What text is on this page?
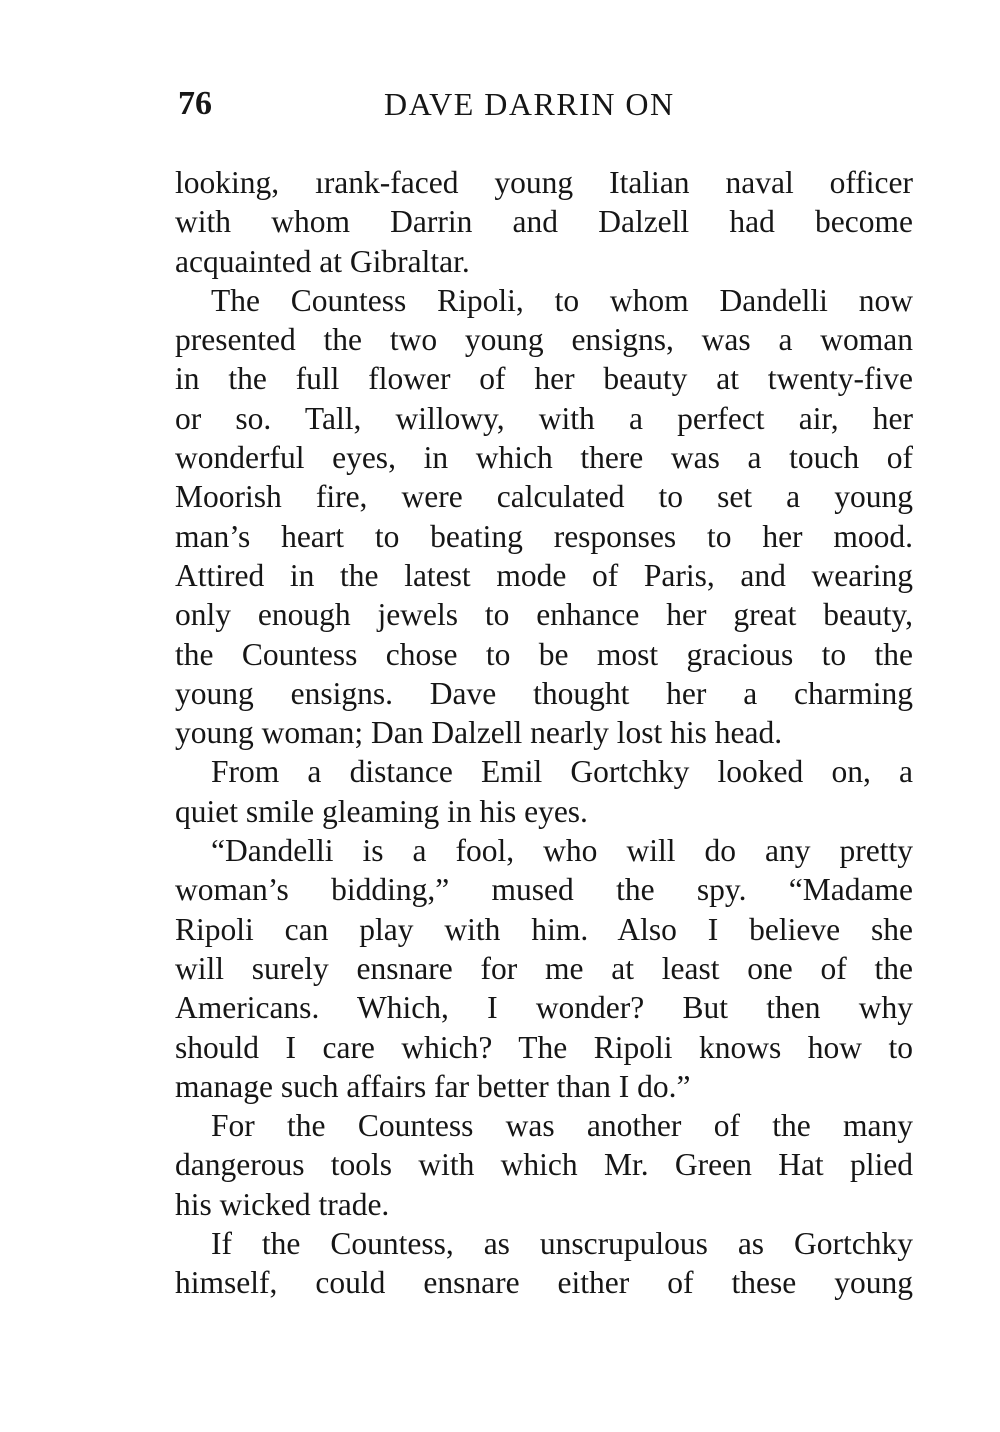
76	DAVE DARRIN ON
looking, ırank-faced young Italian naval officer
with whom Darrin and Dalzell had become
acquainted at Gibraltar.
The Countess Ripoli, to whom Dandelli now
presented the two young ensigns, was a woman
in the full flower of her beauty at twenty-five
or so. Tall, willowy, with a perfect air, her
wonderful eyes, in which there was a touch of
Moorish fire, were calculated to set a young
man’s heart to beating responses to her mood.
Attired in the latest mode of Paris, and wearing
only enough jewels to enhance her great beauty,
the Countess chose to be most gracious to the
young ensigns. Dave thought her a charming
young woman; Dan Dalzell nearly lost his head.
From a distance Emil Gortchky looked on, a
quiet smile gleaming in his eyes.
“Dandelli is a fool, who will do any pretty
woman’s bidding,” mused the spy. “Madame
Ripoli can play with him. Also I believe she
will surely ensnare for me at least one of the
Americans. Which, I wonder? But then why
should I care which? The Ripoli knows how to
manage such affairs far better than I do.”
For the Countess was another of the many
dangerous tools with which Mr. Green Hat plied
his wicked trade.
If the Countess, as unscrupulous as Gortchky
himself, could ensnare either of these young
